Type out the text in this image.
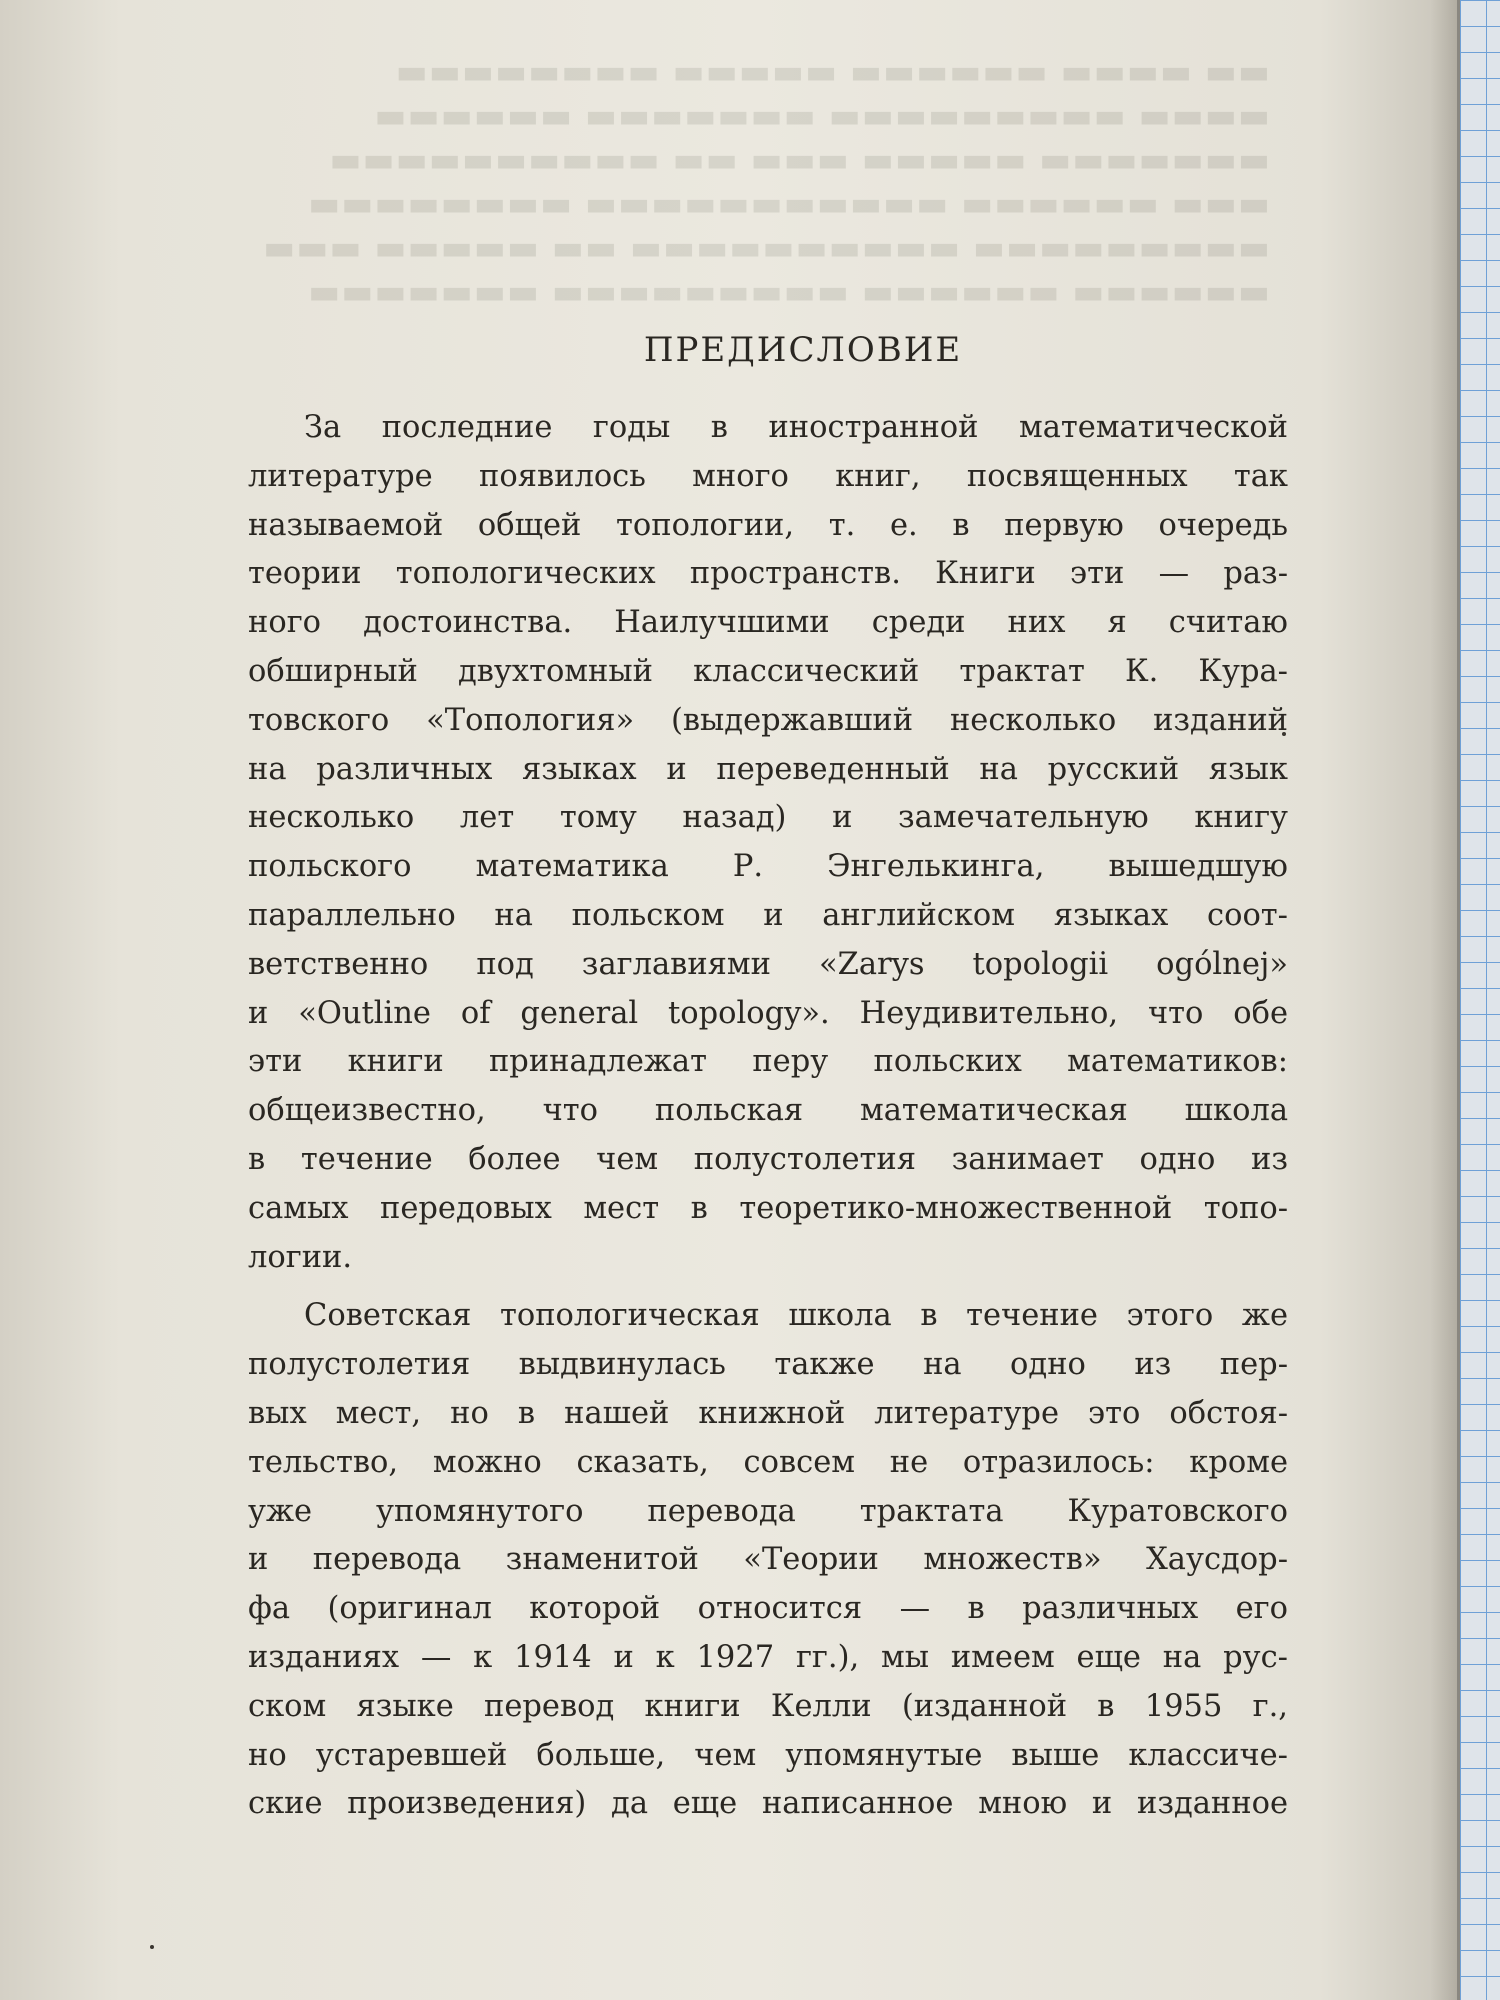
▬▬ ▬▬▬▬ ▬▬▬▬▬▬ ▬▬▬▬▬ ▬▬▬▬▬▬▬▬
▬▬▬▬ ▬▬▬▬▬▬▬▬▬ ▬▬▬▬▬▬▬ ▬▬▬▬▬▬
▬▬▬▬▬▬▬ ▬▬▬▬▬ ▬▬▬ ▬▬ ▬▬▬▬▬▬▬▬▬▬
▬▬▬ ▬▬▬▬▬▬ ▬▬▬▬▬▬▬▬▬▬▬ ▬▬▬▬▬▬▬▬
▬▬▬▬▬▬▬▬▬ ▬▬▬▬▬▬▬▬▬▬ ▬▬ ▬▬▬▬▬ ▬▬▬
▬▬▬▬▬▬ ▬▬▬▬▬▬ ▬▬▬▬▬▬▬▬▬ ▬▬▬▬▬▬▬
ПРЕДИСЛОВИЕ
За последние годы в иностранной математической
литературе появилось много книг, посвященных так
называемой общей топологии, т. е. в первую очередь
теории топологических пространств. Книги эти — раз-
ного достоинства. Наилучшими среди них я считаю
обширный двухтомный классический трактат К. Кура-
товского «Топология» (выдержавший несколько изданий
на различных языках и переведенный на русский язык
несколько лет тому назад) и замечательную книгу
польского математика Р. Энгелькинга, вышедшую
параллельно на польском и английском языках соот-
ветственно под заглавиями «Zarys topologii ogólnej»
и «Outline of general topology». Неудивительно, что обе
эти книги принадлежат перу польских математиков:
общеизвестно, что польская математическая школа
в течение более чем полустолетия занимает одно из
самых передовых мест в теоретико-множественной топо-
логии.
Советская топологическая школа в течение этого же
полустолетия выдвинулась также на одно из пер-
вых мест, но в нашей книжной литературе это обстоя-
тельство, можно сказать, совсем не отразилось: кроме
уже упомянутого перевода трактата Куратовского
и перевода знаменитой «Теории множеств» Хаусдор-
фа (оригинал которой относится — в различных его
изданиях — к 1914 и к 1927 гг.), мы имеем еще на рус-
ском языке перевод книги Келли (изданной в 1955 г.,
но устаревшей больше, чем упомянутые выше классиче-
ские произведения) да еще написанное мною и изданное
